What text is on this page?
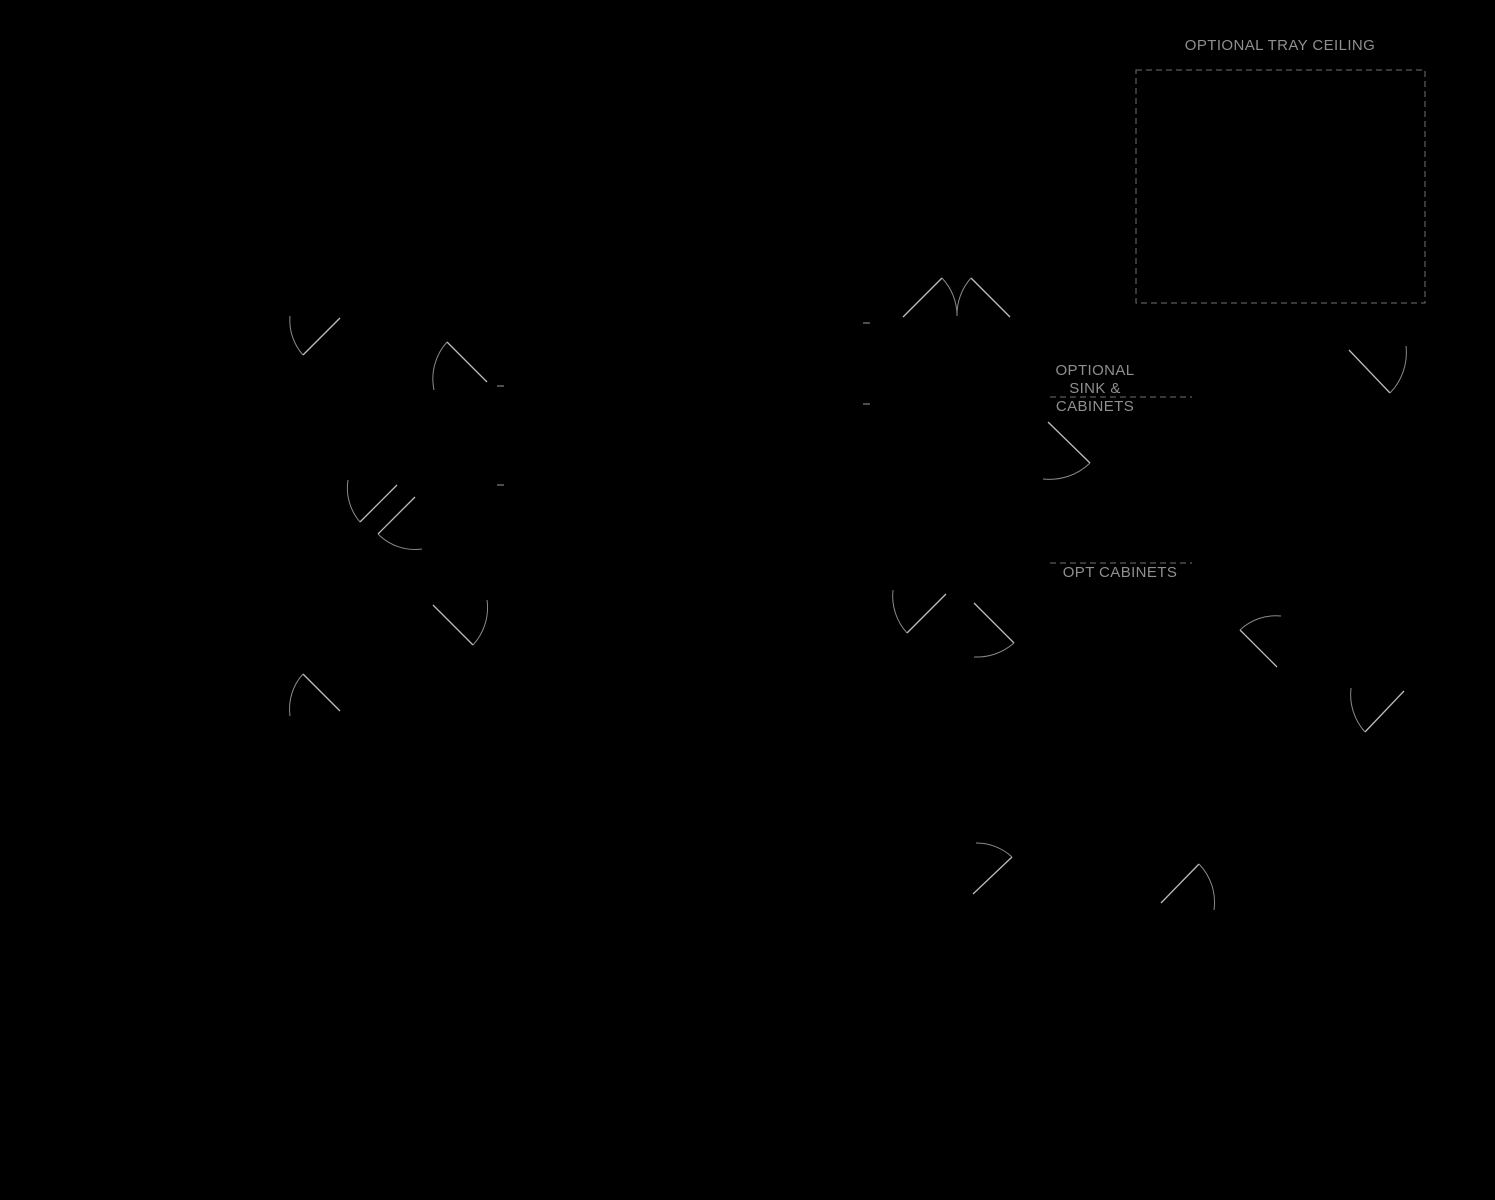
OPTIONAL TRAY CEILING
OPTIONAL
SINK &
CABINETS
OPT CABINETS
